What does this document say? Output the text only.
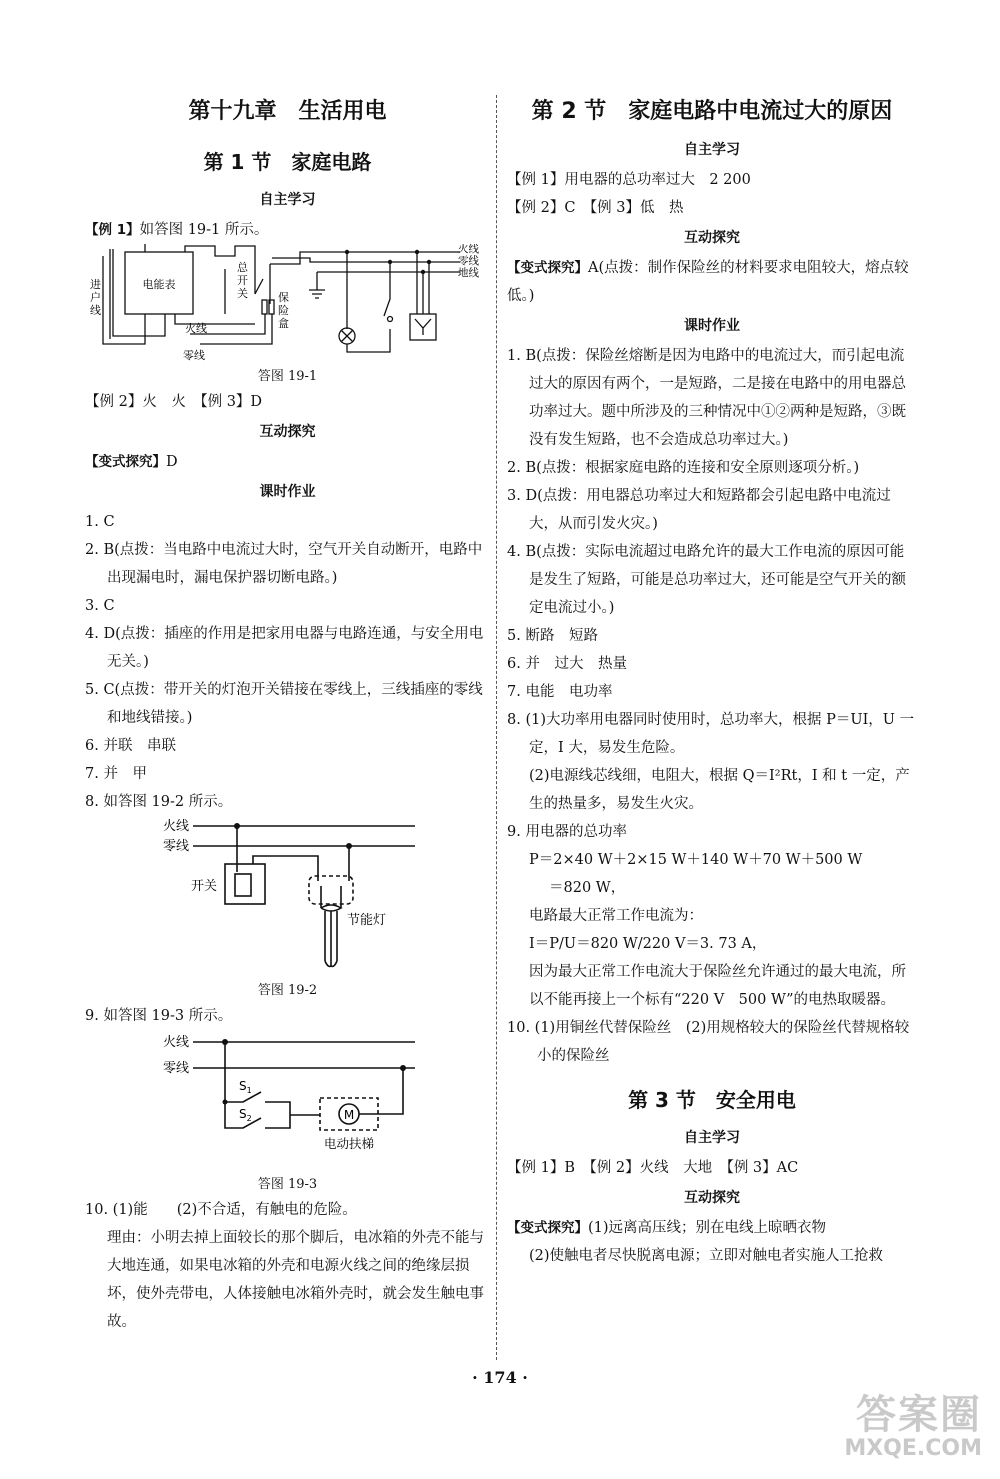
第十九章　生活用电
第 1 节　家庭电路
自主学习

【例 1】如答图 19-1 所示。

电能表
进
户
线
总
开
关	保
险
盒
火线
零线
火线
零线
地线

答图 19-1

【例 2】火　火　【例 3】D

互动探究

【变式探究】D

课时作业

1. C

2. B(点拨：当电路中电流过大时，空气开关自动断开，电路中出现漏电时，漏电保护器切断电路。)

3. C

4. D(点拨：插座的作用是把家用电器与电路连通，与安全用电无关。)

5. C(点拨：带开关的灯泡开关错接在零线上，三线插座的零线和地线错接。)

6. 并联　串联

7. 并　甲

8. 如答图 19-2 所示。

火线
零线
开关
节能灯

答图 19-2

9. 如答图 19-3 所示。

火线
零线
$S_1$
$S_2$	M
电动扶梯

答图 19-3

10. (1)能　　(2)不合适，有触电的危险。

理由：小明去掉上面较长的那个脚后，电冰箱的外壳不能与大地连通，如果电冰箱的外壳和电源火线之间的绝缘层损坏，使外壳带电，人体接触电冰箱外壳时，就会发生触电事故。

第 2 节　家庭电路中电流过大的原因
自主学习

【例 1】用电器的总功率过大　2 200

【例 2】C　【例 3】低　热

互动探究

【变式探究】A(点拨：制作保险丝的材料要求电阻较大，熔点较低。)

课时作业

1. B(点拨：保险丝熔断是因为电路中的电流过大，而引起电流过大的原因有两个，一是短路，二是接在电路中的用电器总功率过大。题中所涉及的三种情况中①②两种是短路，③既没有发生短路，也不会造成总功率过大。)

2. B(点拨：根据家庭电路的连接和安全原则逐项分析。)

3. D(点拨：用电器总功率过大和短路都会引起电路中电流过大，从而引发火灾。)

4. B(点拨：实际电流超过电路允许的最大工作电流的原因可能是发生了短路，可能是总功率过大，还可能是空气开关的额定电流过小。)

5. 断路　短路

6. 并　过大　热量

7. 电能　电功率

8. (1)大功率用电器同时使用时，总功率大，根据 P＝UI，U 一定，I 大，易发生危险。

(2)电源线芯线细，电阻大，根据 Q＝I²Rt，I 和 t 一定，产生的热量多，易发生火灾。

9. 用电器的总功率

P＝2×40 W＋2×15 W＋140 W＋70 W＋500 W

＝820 W，

电路最大正常工作电流为：

I＝P/U＝820 W/220 V＝3. 73 A，

因为最大正常工作电流大于保险丝允许通过的最大电流，所以不能再接上一个标有“220 V　500 W”的电热取暖器。

10. (1)用铜丝代替保险丝　(2)用规格较大的保险丝代替规格较小的保险丝

第 3 节　安全用电
自主学习

【例 1】B　【例 2】火线　大地　【例 3】AC

互动探究

【变式探究】(1)远离高压线；别在电线上晾晒衣物

(2)使触电者尽快脱离电源；立即对触电者实施人工抢救

· 174 ·
答案圈
MXQE.COM
